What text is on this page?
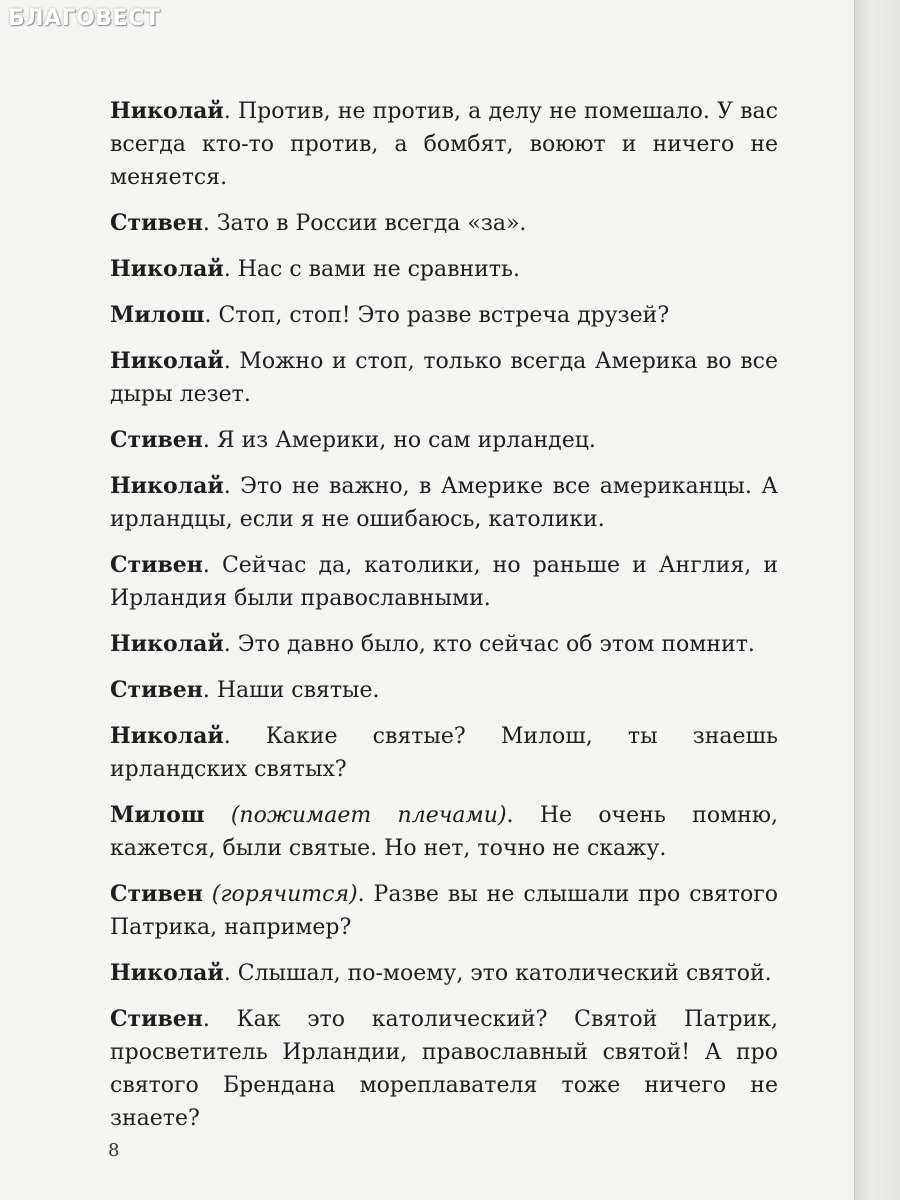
БЛАГОВЕСТ

Николай. Против, не против, а делу не помешало. У вас всегда кто-то против, а бомбят, воюют и ничего не меняется.

Стивен. Зато в России всегда «за».

Николай. Нас с вами не сравнить.

Милош. Стоп, стоп! Это разве встреча друзей?

Николай. Можно и стоп, только всегда Америка во все дыры лезет.

Стивен. Я из Америки, но сам ирландец.

Николай. Это не важно, в Америке все американцы. А ирландцы, если я не ошибаюсь, католики.

Стивен. Сейчас да, католики, но раньше и Англия, и Ирландия были православными.

Николай. Это давно было, кто сейчас об этом помнит.

Стивен. Наши святые.

Николай. Какие святые? Милош, ты знаешь ирландских святых?

Милош (пожимает плечами). Не очень помню, кажется, были святые. Но нет, точно не скажу.

Стивен (горячится). Разве вы не слышали про святого Патрика, например?

Николай. Слышал, по-моему, это католический святой.

Стивен. Как это католический? Святой Патрик, просветитель Ирландии, православный святой! А про святого Брендана мореплавателя тоже ничего не знаете?

8
